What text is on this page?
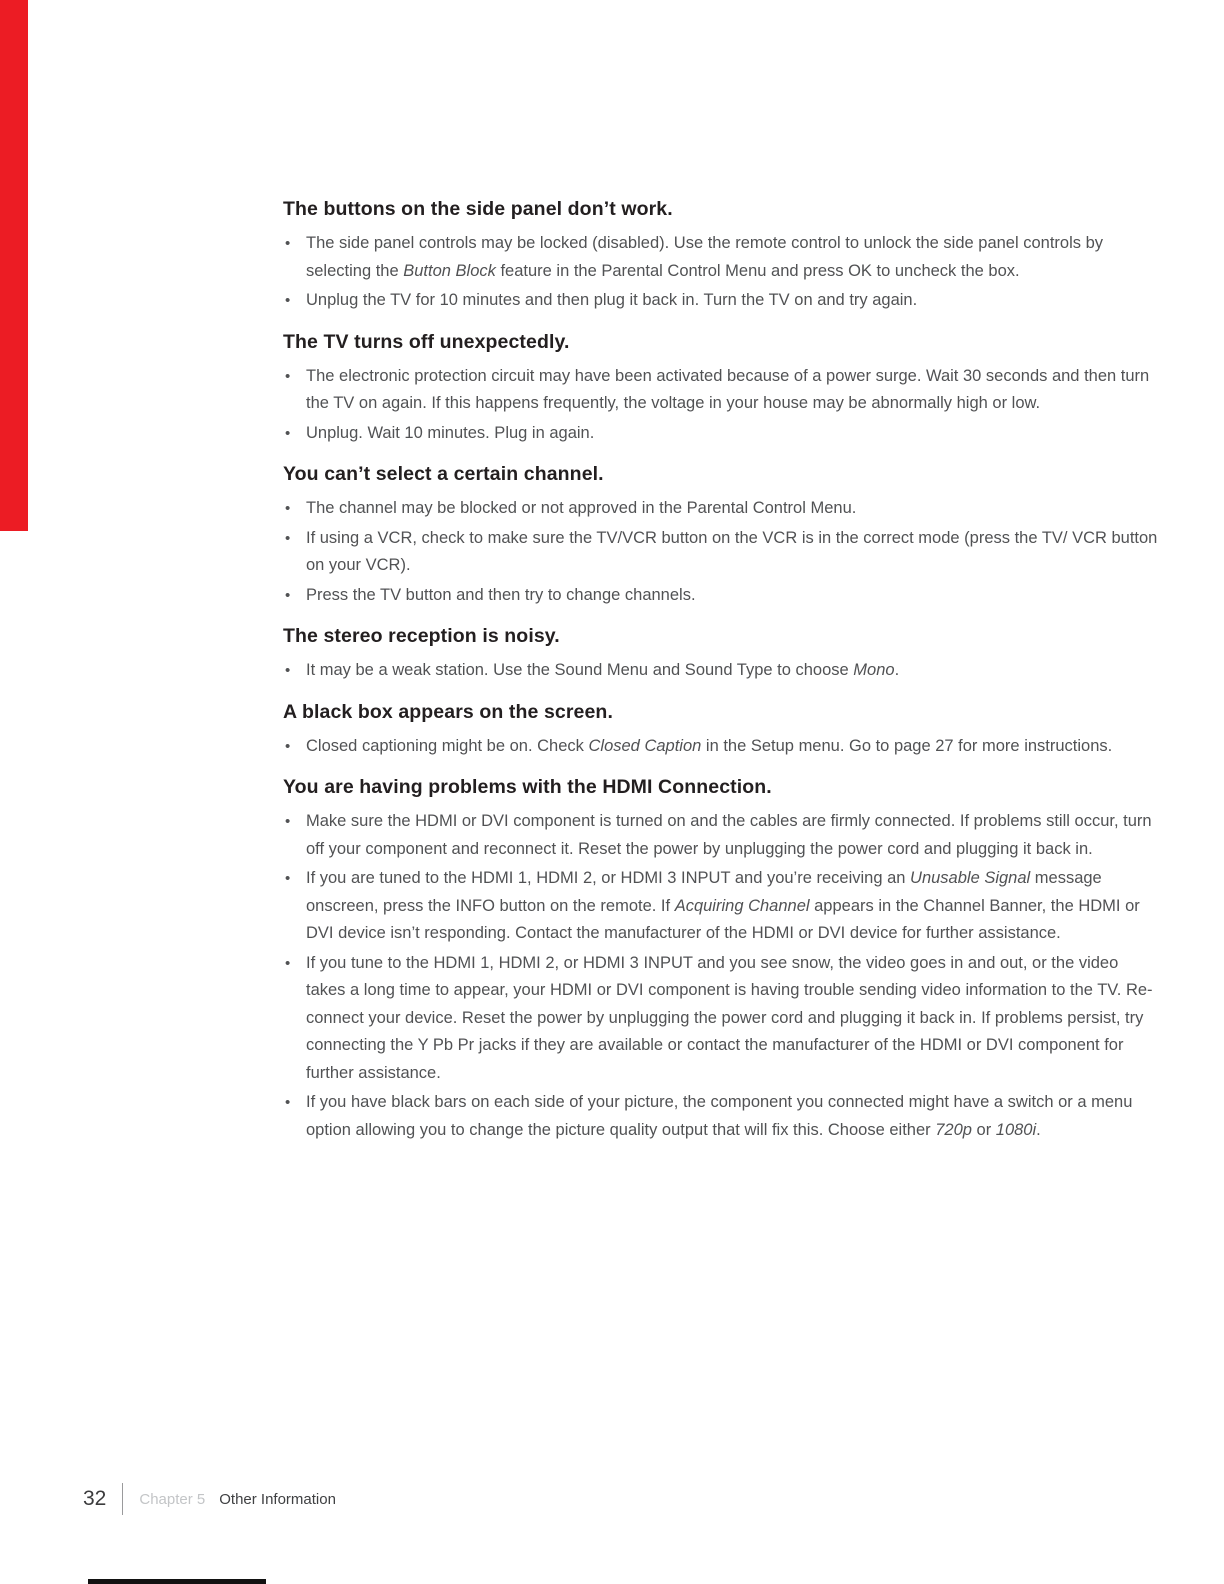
The buttons on the side panel don’t work.
• The side panel controls may be locked (disabled). Use the remote control to unlock the side panel controls by selecting the Button Block feature in the Parental Control Menu and press OK to uncheck the box.
• Unplug the TV for 10 minutes and then plug it back in. Turn the TV on and try again.
The TV turns off unexpectedly.
• The electronic protection circuit may have been activated because of a power surge. Wait 30 seconds and then turn the TV on again. If this happens frequently, the voltage in your house may be abnormally high or low.
• Unplug. Wait 10 minutes. Plug in again.
You can’t select a certain channel.
• The channel may be blocked or not approved in the Parental Control Menu.
• If using a VCR, check to make sure the TV/VCR button on the VCR is in the correct mode (press the TV/ VCR button on your VCR).
• Press the TV button and then try to change channels.
The stereo reception is noisy.
• It may be a weak station. Use the Sound Menu and Sound Type to choose Mono.
A black box appears on the screen.
• Closed captioning might be on. Check Closed Caption in the Setup menu. Go to page 27 for more instructions.
You are having problems with the HDMI Connection.
• Make sure the HDMI or DVI component is turned on and the cables are firmly connected. If problems still occur, turn off your component and reconnect it. Reset the power by unplugging the power cord and plugging it back in.
• If you are tuned to the HDMI 1, HDMI 2, or HDMI 3 INPUT and you’re receiving an Unusable Signal message onscreen, press the INFO button on the remote. If Acquiring Channel appears in the Channel Banner, the HDMI or DVI device isn’t responding. Contact the manufacturer of the HDMI or DVI device for further assistance.
• If you tune to the HDMI 1, HDMI 2, or HDMI 3 INPUT and you see snow, the video goes in and out, or the video takes a long time to appear, your HDMI or DVI component is having trouble sending video information to the TV. Re-connect your device. Reset the power by unplugging the power cord and plugging it back in. If problems persist, try connecting the Y Pb Pr jacks if they are available or contact the manufacturer of the HDMI or DVI component for further assistance.
• If you have black bars on each side of your picture, the component you connected might have a switch or a menu option allowing you to change the picture quality output that will fix this. Choose either 720p or 1080i.
32 Chapter 5 Other Information
